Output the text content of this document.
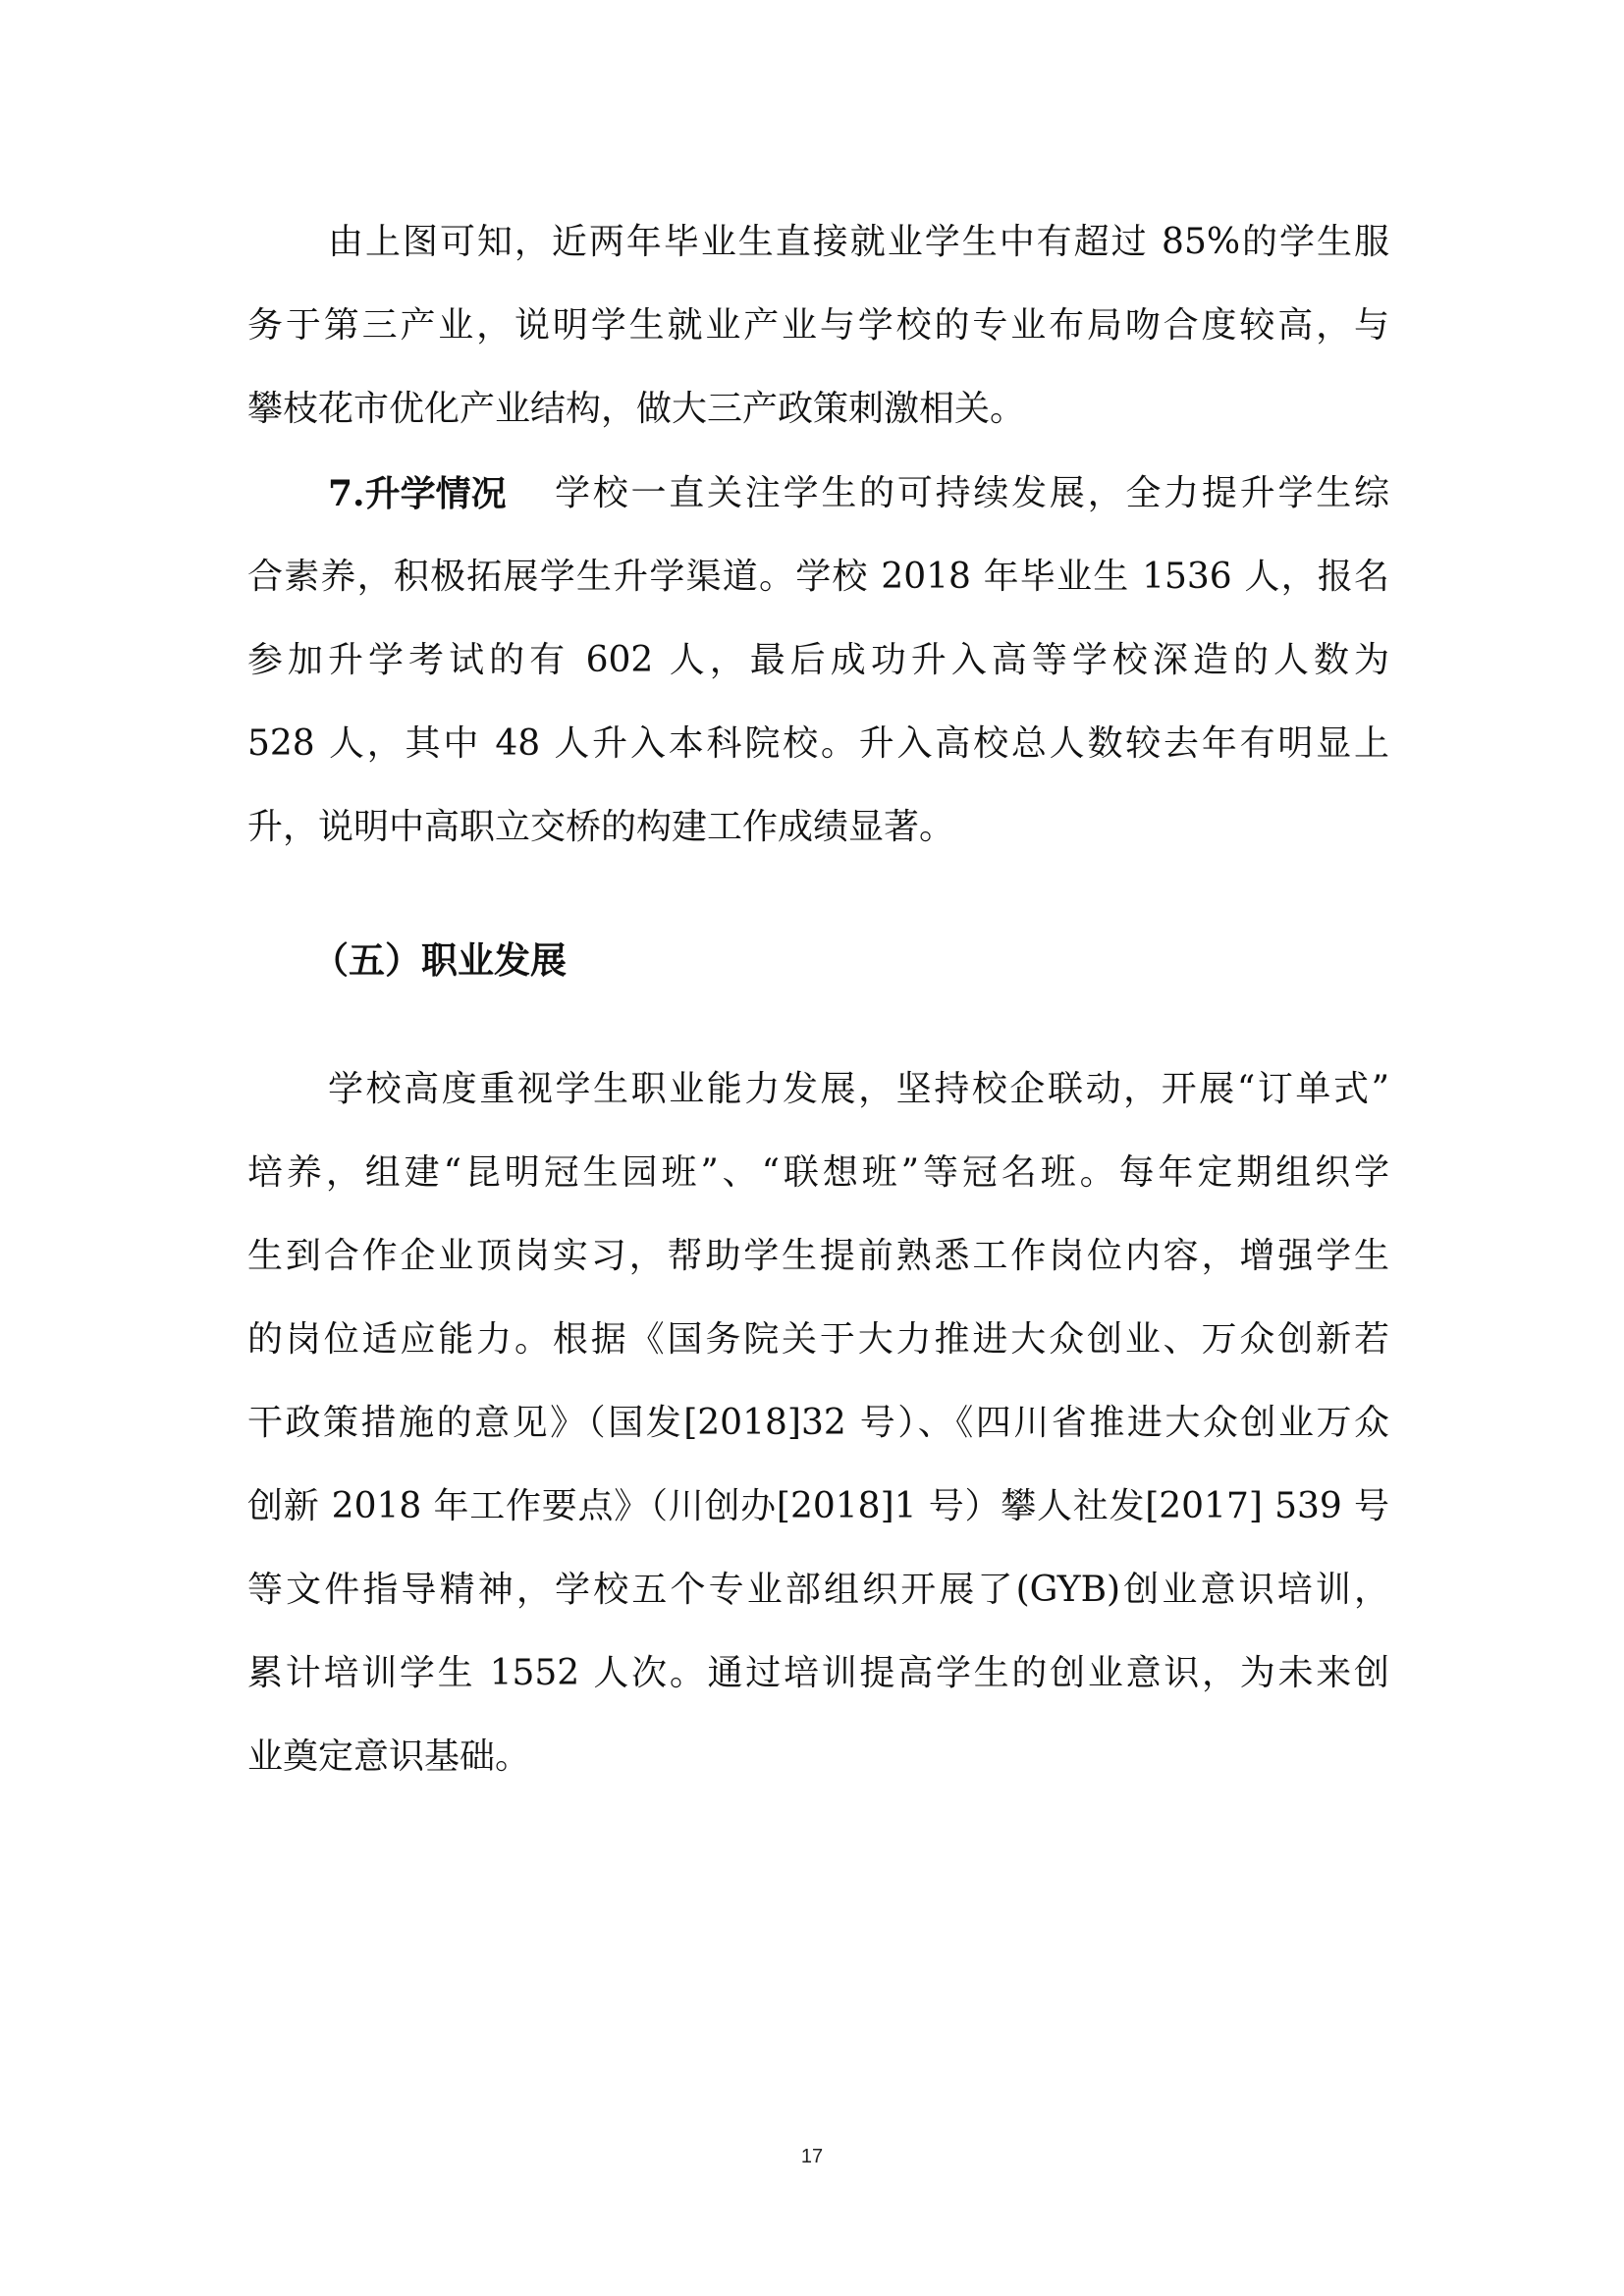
由上图可知，近两年毕业生直接就业学生中有超过 85%的学生服
务于第三产业，说明学生就业产业与学校的专业布局吻合度较高，与
攀枝花市优化产业结构，做大三产政策刺激相关。
7.升学情况 学校一直关注学生的可持续发展，全力提升学生综
合素养，积极拓展学生升学渠道。学校 2018 年毕业生 1536 人，报名
参加升学考试的有 602 人，最后成功升入高等学校深造的人数为
528 人，其中 48 人升入本科院校。升入高校总人数较去年有明显上
升，说明中高职立交桥的构建工作成绩显著。
（五）职业发展
学校高度重视学生职业能力发展，坚持校企联动，开展“订单式”
培养，组建“昆明冠生园班”、“联想班”等冠名班。每年定期组织学
生到合作企业顶岗实习，帮助学生提前熟悉工作岗位内容，增强学生
的岗位适应能力。根据《国务院关于大力推进大众创业、万众创新若
干政策措施的意见》（国发[2018]32 号）、《四川省推进大众创业万众
创新 2018 年工作要点》（川创办[2018]1 号）攀人社发[2017] 539 号
等文件指导精神，学校五个专业部组织开展了(GYB)创业意识培训，
累计培训学生 1552 人次。通过培训提高学生的创业意识，为未来创
业奠定意识基础。
17
